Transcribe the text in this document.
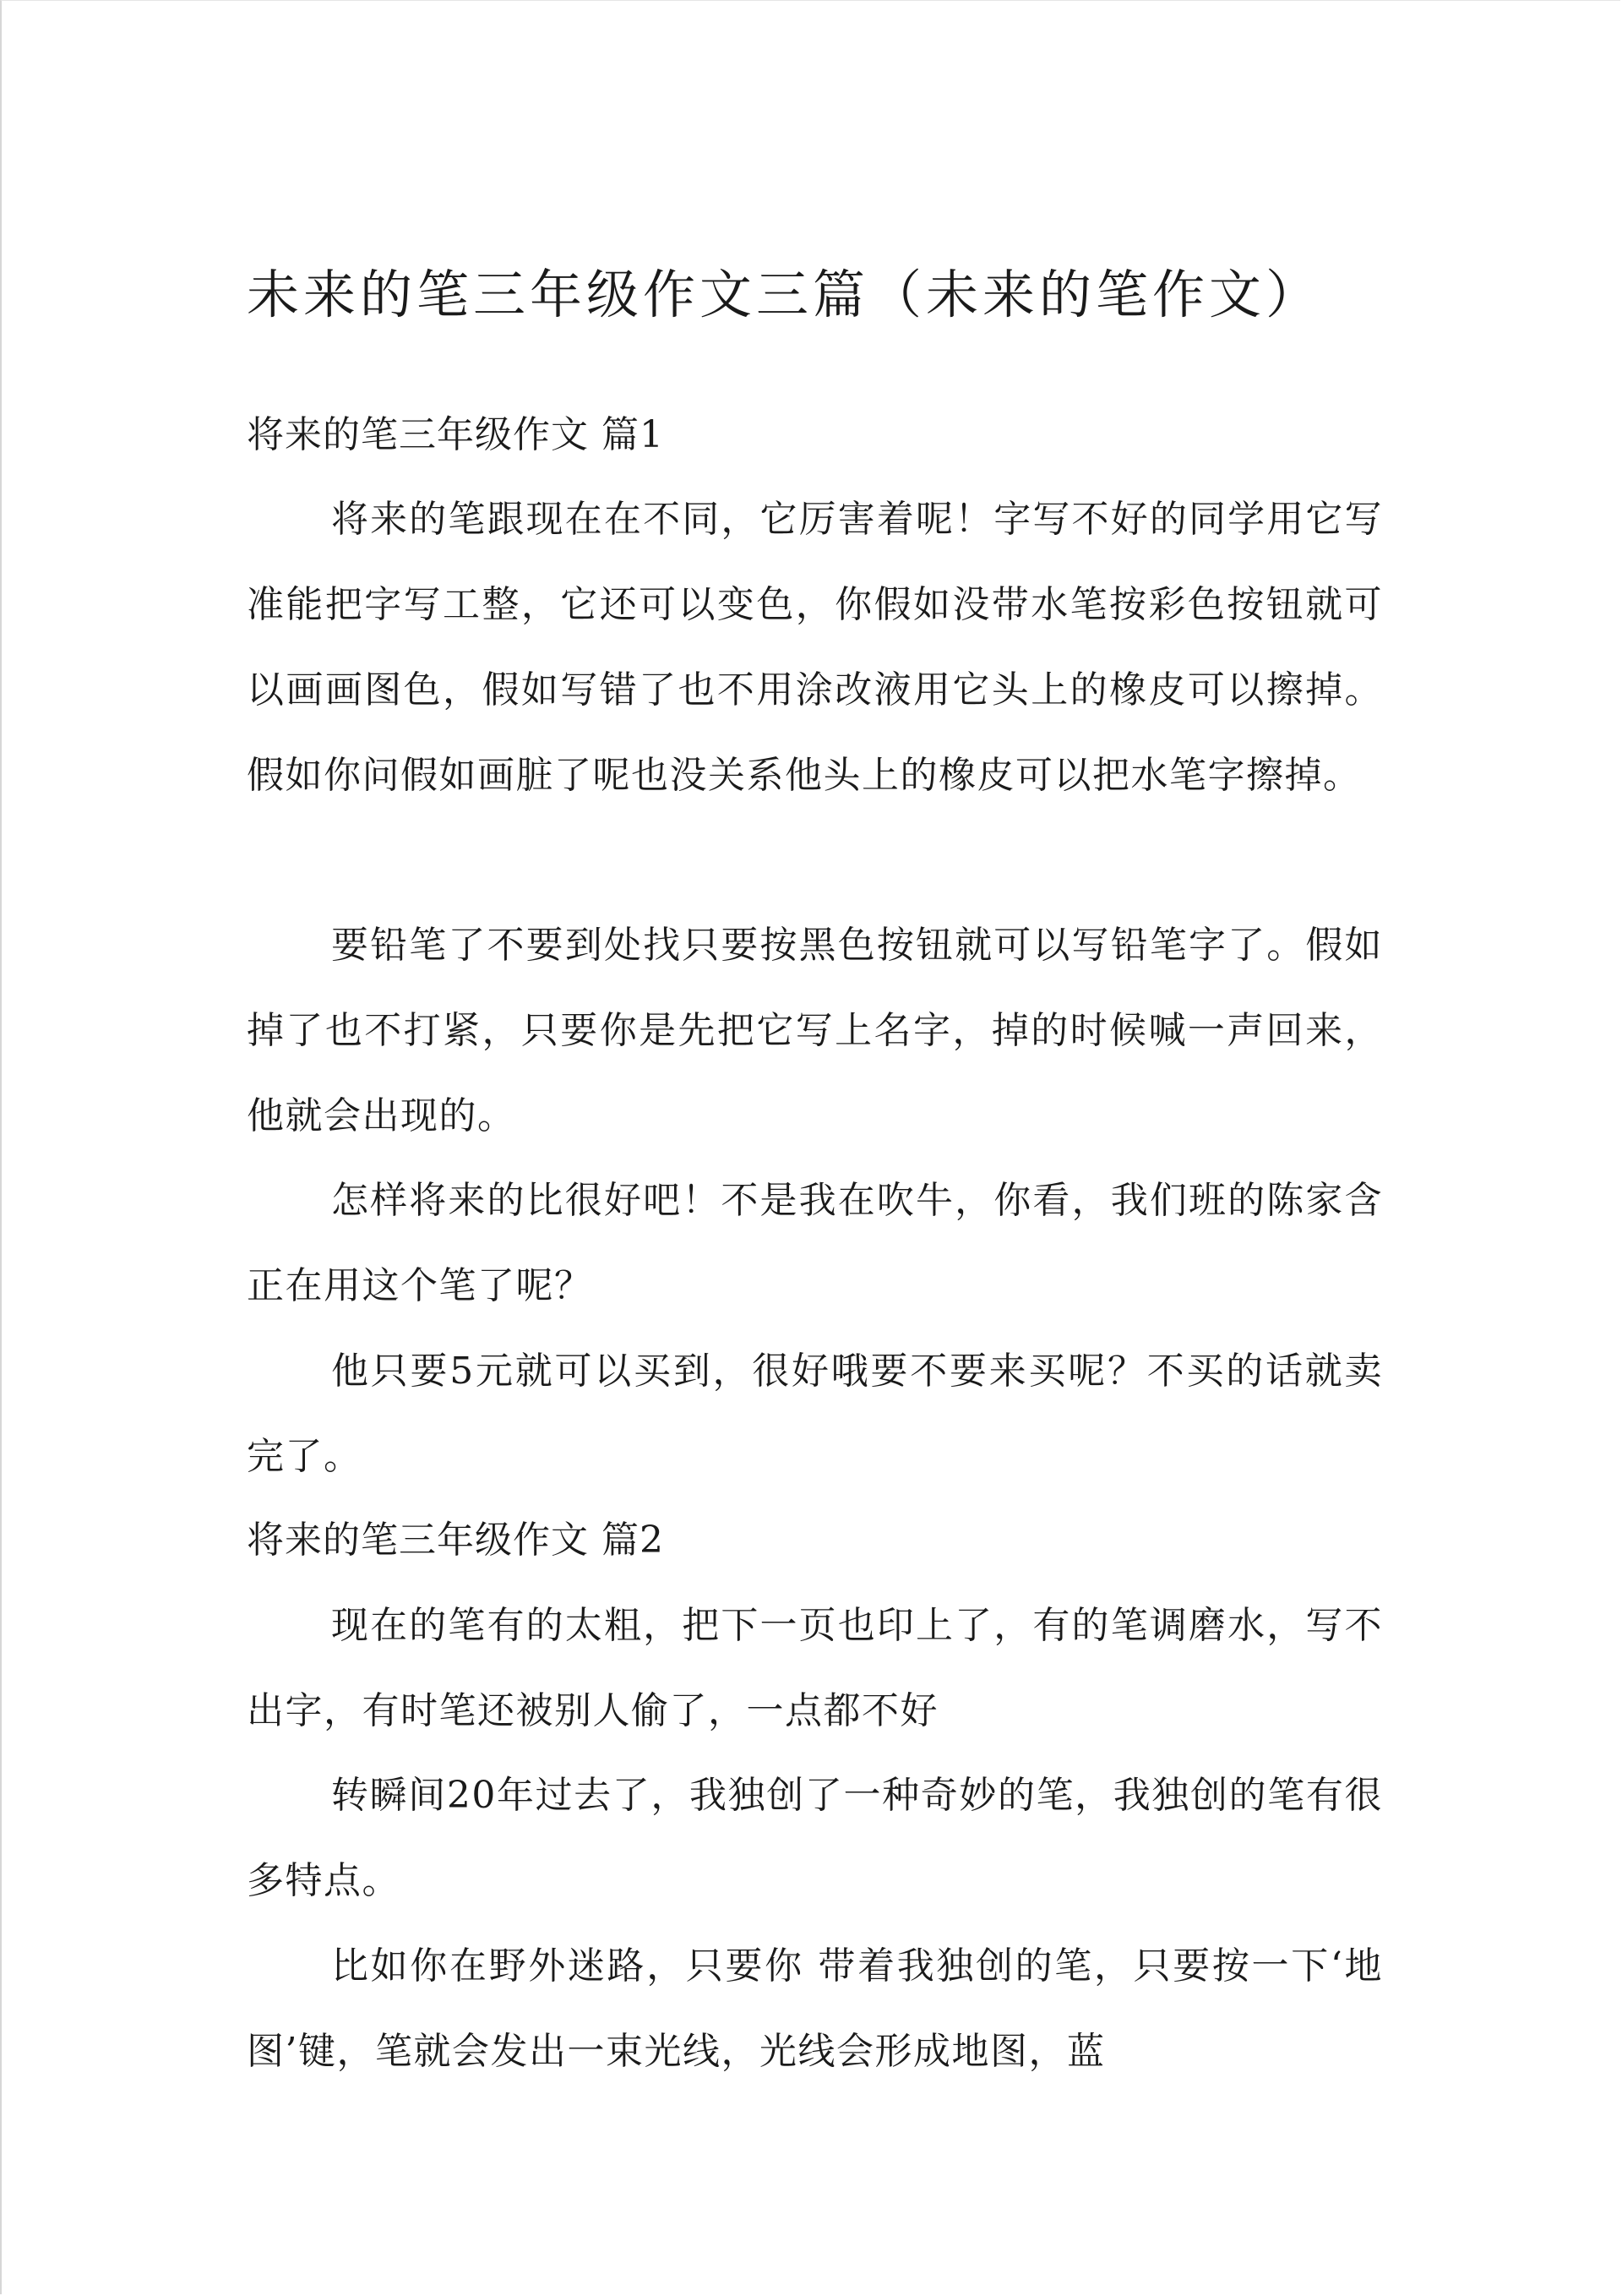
未来的笔三年级作文三篇（未来的笔作文）
将来的笔三年级作文 篇1

将来的笔跟现在在不同，它厉害着呢！字写不好的同学用它写准能把字写工整，它还可以变色，你假如没带水笔按彩色按钮就可以画画图色，假如写错了也不用涂改液用它头上的橡皮可以擦掉。假如你问假如画脏了呢也没关系他头上的橡皮可以把水笔字擦掉。

要铅笔了不要到处找只要按黑色按钮就可以写铅笔字了。假如掉了也不打紧，只要你是先把它写上名字，掉的时候喊一声回来，他就会出现的。

怎样将来的比很好吧！不是我在吹牛，你看，我们班的陈家含正在用这个笔了呢？

他只要5元就可以买到，很好哦要不要来买呢？不买的话就卖完了。

将来的笔三年级作文 篇2

现在的笔有的太粗，把下一页也印上了，有的笔调磨水，写不出字，有时笔还被别人偷了，一点都不好

转瞬间20年过去了，我独创了一种奇妙的笔，我独创的笔有很多特点。

比如你在野外迷路，只要你 带着我独创的笔，只要按一下‘地图’键，笔就会发出一束光线，光线会形成地图，蓝
